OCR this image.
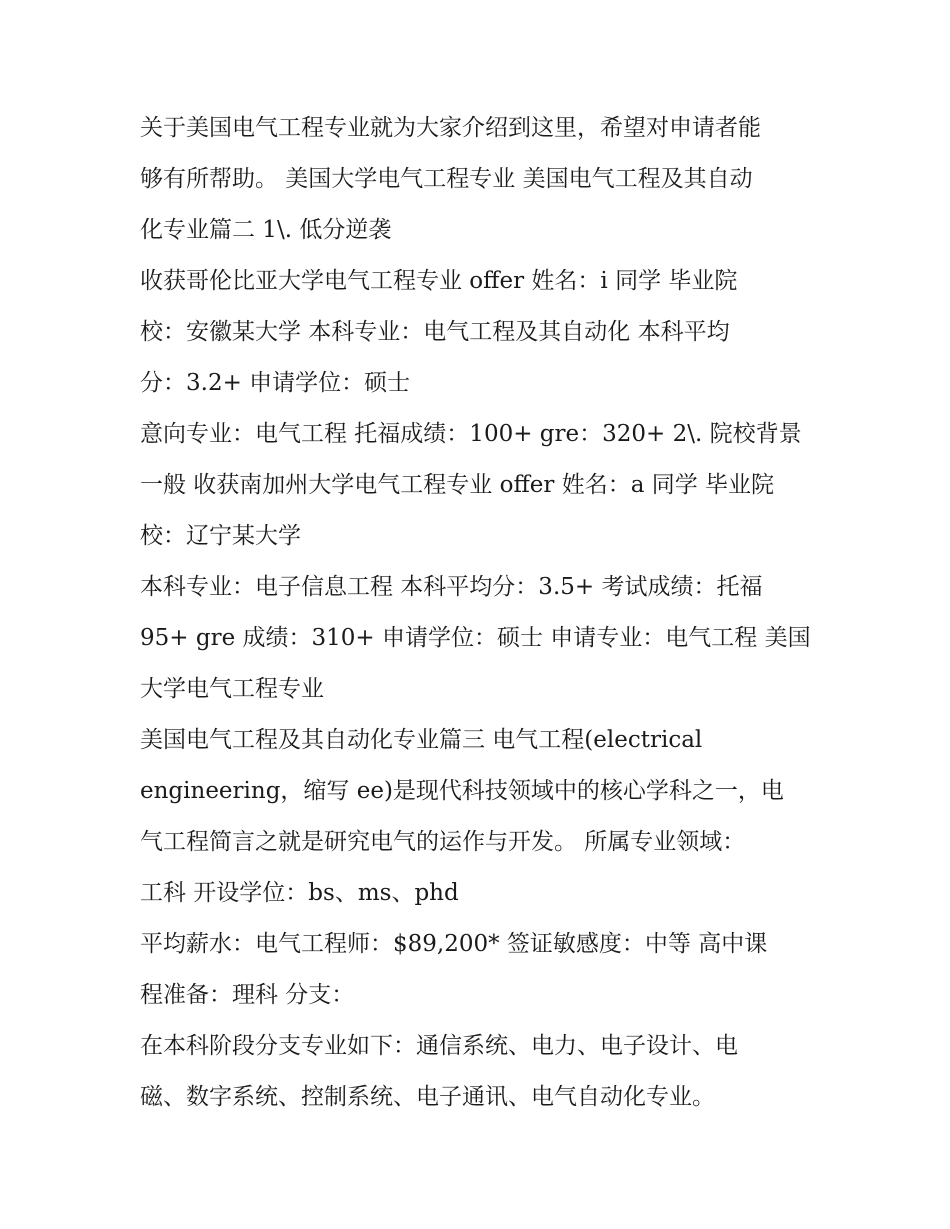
关于美国电气工程专业就为大家介绍到这里，希望对申请者能
够有所帮助。 美国大学电气工程专业 美国电气工程及其自动
化专业篇二 1\. 低分逆袭
收获哥伦比亚大学电气工程专业 offer 姓名：i 同学 毕业院
校：安徽某大学 本科专业：电气工程及其自动化 本科平均
分：3.2+ 申请学位：硕士
意向专业：电气工程 托福成绩：100+ gre：320+ 2\. 院校背景
一般 收获南加州大学电气工程专业 offer 姓名：a 同学 毕业院
校：辽宁某大学
本科专业：电子信息工程 本科平均分：3.5+ 考试成绩：托福
95+ gre 成绩：310+ 申请学位：硕士 申请专业：电气工程 美国
大学电气工程专业
美国电气工程及其自动化专业篇三 电气工程(electrical
engineering，缩写 ee)是现代科技领域中的核心学科之一，电
气工程简言之就是研究电气的运作与开发。 所属专业领域：
工科 开设学位：bs、ms、phd
平均薪水：电气工程师：$89,200* 签证敏感度：中等 高中课
程准备：理科 分支：
在本科阶段分支专业如下：通信系统、电力、电子设计、电
磁、数字系统、控制系统、电子通讯、电气自动化专业。
